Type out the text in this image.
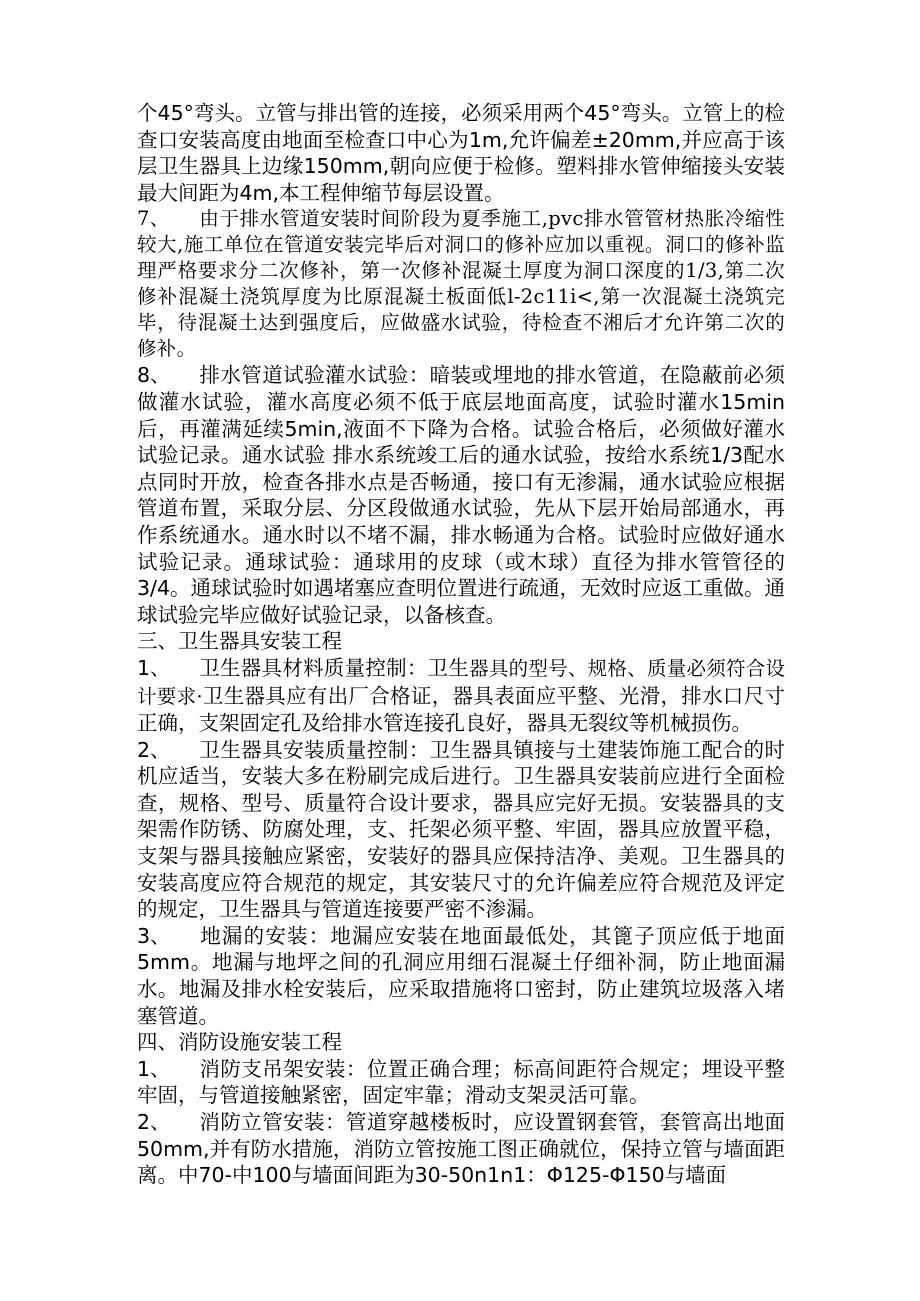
个45°弯头。立管与排出管的连接，必须采用两个45°弯头。立管上的检查口安装高度由地面至检查口中心为1m,允许偏差±20mm,并应高于该层卫生器具上边缘150mm,朝向应便于检修。塑料排水管伸缩接头安装最大间距为4m,本工程伸缩节每层设置。

7、 由于排水管道安装时间阶段为夏季施工,pvc排水管管材热胀冷缩性较大,施工单位在管道安装完毕后对洞口的修补应加以重视。洞口的修补监理严格要求分二次修补，第一次修补混凝土厚度为洞口深度的1/3,第二次修补混凝土浇筑厚度为比原混凝土板面低l-2c11i<,第一次混凝土浇筑完毕，待混凝土达到强度后，应做盛水试验，待检查不湘后才允许第二次的修补。

8、 排水管道试验灌水试验：暗装或埋地的排水管道，在隐蔽前必须做灌水试验，灌水高度必须不低于底层地面高度，试验时灌水15min后，再灌满延续5min,液面不下降为合格。试验合格后，必须做好灌水试验记录。通水试验 排水系统竣工后的通水试验，按给水系统1/3配水点同时开放，检查各排水点是否畅通，接口有无渗漏，通水试验应根据管道布置，采取分层、分区段做通水试验，先从下层开始局部通水，再作系统通水。通水时以不堵不漏，排水畅通为合格。试验时应做好通水试验记录。通球试验：通球用的皮球（或木球）直径为排水管管径的3/4。通球试验时如遇堵塞应查明位置进行疏通，无效时应返工重做。通球试验完毕应做好试验记录，以备核查。

三、卫生器具安装工程

1、 卫生器具材料质量控制：卫生器具的型号、规格、质量必须符合设计要求·卫生器具应有出厂合格证，器具表面应平整、光滑，排水口尺寸正确，支架固定孔及给排水管连接孔良好，器具无裂纹等机械损伤。

2、 卫生器具安装质量控制：卫生器具镇接与土建装饰施工配合的时机应适当，安装大多在粉刷完成后进行。卫生器具安装前应进行全面检查，规格、型号、质量符合设计要求，器具应完好无损。安装器具的支架需作防锈、防腐处理，支、托架必须平整、牢固，器具应放置平稳，支架与器具接触应紧密，安装好的器具应保持洁净、美观。卫生器具的安装高度应符合规范的规定，其安装尺寸的允许偏差应符合规范及评定的规定，卫生器具与管道连接要严密不渗漏。

3、 地漏的安装：地漏应安装在地面最低处，其篦子顶应低于地面5mm。地漏与地坪之间的孔洞应用细石混凝土仔细补洞，防止地面漏水。地漏及排水栓安装后，应采取措施将口密封，防止建筑垃圾落入堵塞管道。

四、消防设施安装工程

1、 消防支吊架安装：位置正确合理；标高间距符合规定；埋设平整牢固，与管道接触紧密，固定牢靠；滑动支架灵活可靠。

2、 消防立管安装：管道穿越楼板时，应设置钢套管，套管高出地面50mm,并有防水措施，消防立管按施工图正确就位，保持立管与墙面距离。中70-中100与墙面间距为30-50n1n1：Φ125-Φ150与墙面
